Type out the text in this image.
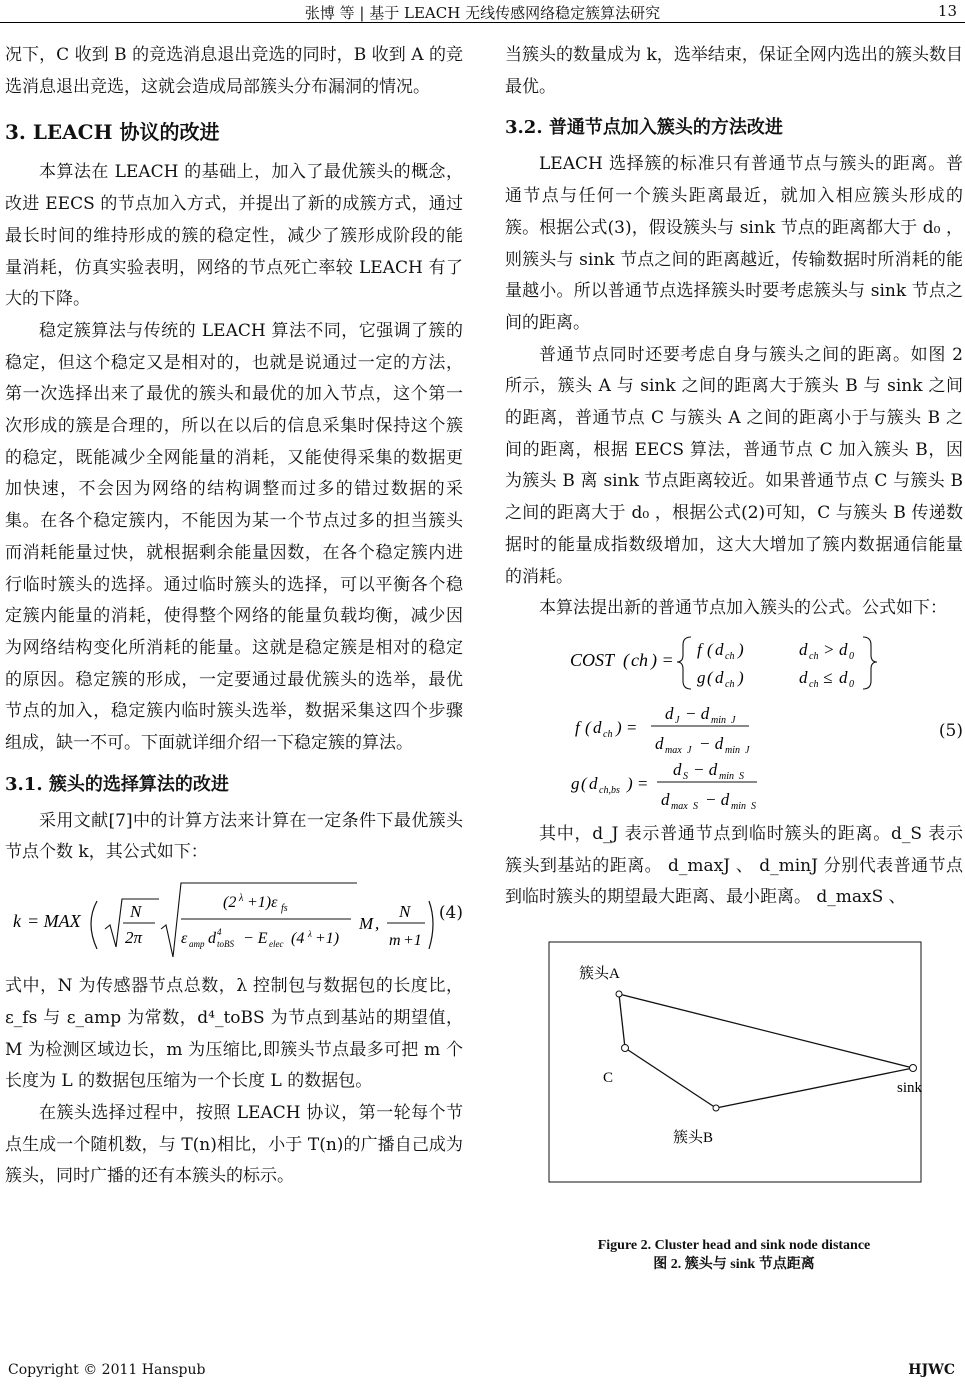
张博 等 | 基于 LEACH 无线传感网络稳定簇算法研究	13

况下，C 收到 B 的竞选消息退出竞选的同时，B 收到 A 的竞选消息退出竞选，这就会造成局部簇头分布漏洞的情况。

3. LEACH 协议的改进

本算法在 LEACH 的基础上，加入了最优簇头的概念，改进 EECS 的节点加入方式，并提出了新的成簇方式，通过最长时间的维持形成的簇的稳定性，减少了簇形成阶段的能量消耗，仿真实验表明，网络的节点死亡率较 LEACH 有了大的下降。

稳定簇算法与传统的 LEACH 算法不同，它强调了簇的稳定，但这个稳定又是相对的，也就是说通过一定的方法，第一次选择出来了最优的簇头和最优的加入节点，这个第一次形成的簇是合理的，所以在以后的信息采集时保持这个簇的稳定，既能减少全网能量的消耗，又能使得采集的数据更加快速，不会因为网络的结构调整而过多的错过数据的采集。在各个稳定簇内，不能因为某一个节点过多的担当簇头而消耗能量过快，就根据剩余能量因数，在各个稳定簇内进行临时簇头的选择。通过临时簇头的选择，可以平衡各个稳定簇内能量的消耗，使得整个网络的能量负载均衡，减少因为网络结构变化所消耗的能量。这就是稳定簇是相对的稳定的原因。稳定簇的形成，一定要通过最优簇头的选举，最优节点的加入，稳定簇内临时簇头选举，数据采集这四个步骤组成，缺一不可。下面就详细介绍一下稳定簇的算法。

3.1. 簇头的选择算法的改进

采用文献[7]中的计算方法来计算在一定条件下最优簇头节点个数 k，其公式如下：

k = MAX	N
2π
(2 λ +1)ε fs
ε amp d 4
toBS − E elec (4 λ +1)
M ,
N
m +1
(4)

式中，N 为传感器节点总数，λ 控制包与数据包的长度比，ε_fs 与 ε_amp 为常数，d⁴_toBS 为节点到基站的期望值，M 为检测区域边长，m 为压缩比,即簇头节点最多可把 m 个长度为 L 的数据包压缩为一个长度 L 的数据包。

在簇头选择过程中，按照 LEACH 协议，第一轮每个节点生成一个随机数，与 T(n)相比，小于 T(n)的广播自己成为簇头，同时广播的还有本簇头的标示。

当簇头的数量成为 k，选举结束，保证全网内选出的簇头数目最优。

3.2. 普通节点加入簇头的方法改进

LEACH 选择簇的标准只有普通节点与簇头的距离。普通节点与任何一个簇头距离最近，就加入相应簇头形成的簇。根据公式(3)，假设簇头与 sink 节点的距离都大于 d₀ ，则簇头与 sink 节点之间的距离越近，传输数据时所消耗的能量越小。所以普通节点选择簇头时要考虑簇头与 sink 节点之间的距离。

普通节点同时还要考虑自身与簇头之间的距离。如图 2 所示，簇头 A 与 sink 之间的距离大于簇头 B 与 sink 之间的距离，普通节点 C 与簇头 A 之间的距离小于与簇头 B 之间的距离，根据 EECS 算法，普通节点 C 加入簇头 B，因为簇头 B 离 sink 节点距离较近。如果普通节点 C 与簇头 B 之间的距离大于 d₀ ，根据公式(2)可知，C 与簇头 B 传递数据时的能量成指数级增加，这大大增加了簇内数据通信能量的消耗。

本算法提出新的普通节点加入簇头的公式。公式如下：

COST ( ch ) =
f ( d ch )	d ch > d 0
g ( d ch )	d ch ≤ d 0
f ( d ch ) =
d J − d min J
d max J − d min J
g ( d ch,bs ) =
d S − d min S
d max S − d min S
(5)

其中，d_J 表示普通节点到临时簇头的距离。d_S 表示簇头到基站的距离。 d_maxJ 、 d_minJ 分别代表普通节点到临时簇头的期望最大距离、最小距离。 d_maxS 、

簇头A
C
簇头B
sink
Figure 2. Cluster head and sink node distance
图 2. 簇头与 sink 节点距离
Copyright © 2011 Hanspub	HJWC
